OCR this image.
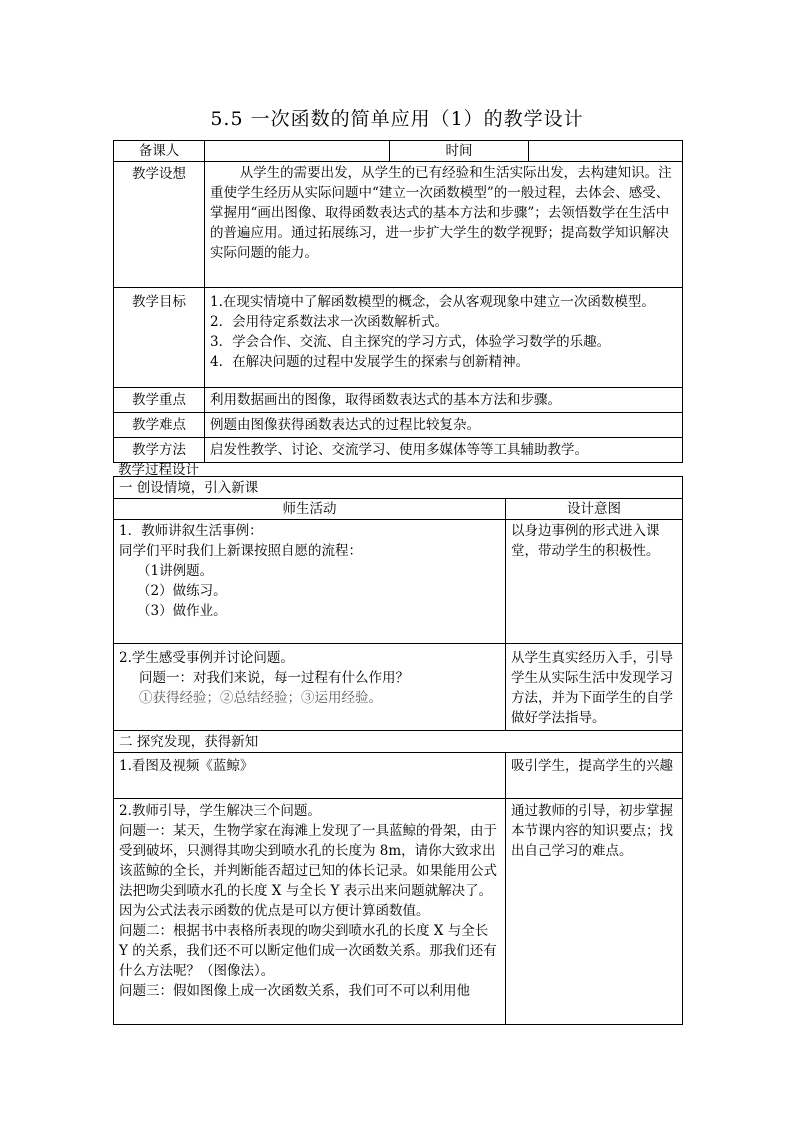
5.5 一次函数的简单应用（1）的教学设计
备课人		时间	
教学设想	从学生的需要出发，从学生的已有经验和生活实际出发，去构建知识。注重使学生经历从实际问题中“建立一次函数模型”的一般过程，去体会、感受、掌握用“画出图像、取得函数表达式的基本方法和步骤”；去领悟数学在生活中的普遍应用。通过拓展练习，进一步扩大学生的数学视野；提高数学知识解决实际问题的能力。		
教学目标	1.在现实情境中了解函数模型的概念，会从客观现象中建立一次函数模型。
2．会用待定系数法求一次函数解析式。
3．学会合作、交流、自主探究的学习方式，体验学习数学的乐趣。
4．在解决问题的过程中发展学生的探索与创新精神。		

教学重点	利用数据画出的图像，取得函数表达式的基本方法和步骤。		
教学难点	例题由图像获得函数表达式的过程比较复杂。		
教学方法	启发性教学、讨论、交流学习、使用多媒体等等工具辅助教学。		
教学过程设计
一 创设情境，引入新课	
师生活动	设计意图

1．教师讲叙生活事例：
同学们平时我们上新课按照自愿的流程：
（1讲例题。
（2）做练习。
（3）做作业。	以身边事例的形式进入课堂，带动学生的积极性。

2.学生感受事例并讨论问题。
问题一：对我们来说，每一过程有什么作用？
①获得经验；②总结经验；③运用经验。	从学生真实经历入手，引导学生从实际生活中发现学习方法，并为下面学生的自学做好学法指导。
二 探究发现，获得新知	
1.看图及视频《蓝鲸》	吸引学生，提高学生的兴趣

2.教师引导，学生解决三个问题。
问题一：某天，生物学家在海滩上发现了一具蓝鲸的骨架，由于受到破坏，只测得其吻尖到喷水孔的长度为 8m，请你大致求出该蓝鲸的全长，并判断能否超过已知的体长记录。如果能用公式法把吻尖到喷水孔的长度 X 与全长 Y 表示出来问题就解决了。因为公式法表示函数的优点是可以方便计算函数值。
问题二：根据书中表格所表现的吻尖到喷水孔的长度 X 与全长 Y 的关系，我们还不可以断定他们成一次函数关系。那我们还有什么方法呢？（图像法）。
问题三：假如图像上成一次函数关系，我们可不可以利用他	通过教师的引导，初步掌握本节课内容的知识要点；找出自己学习的难点。
